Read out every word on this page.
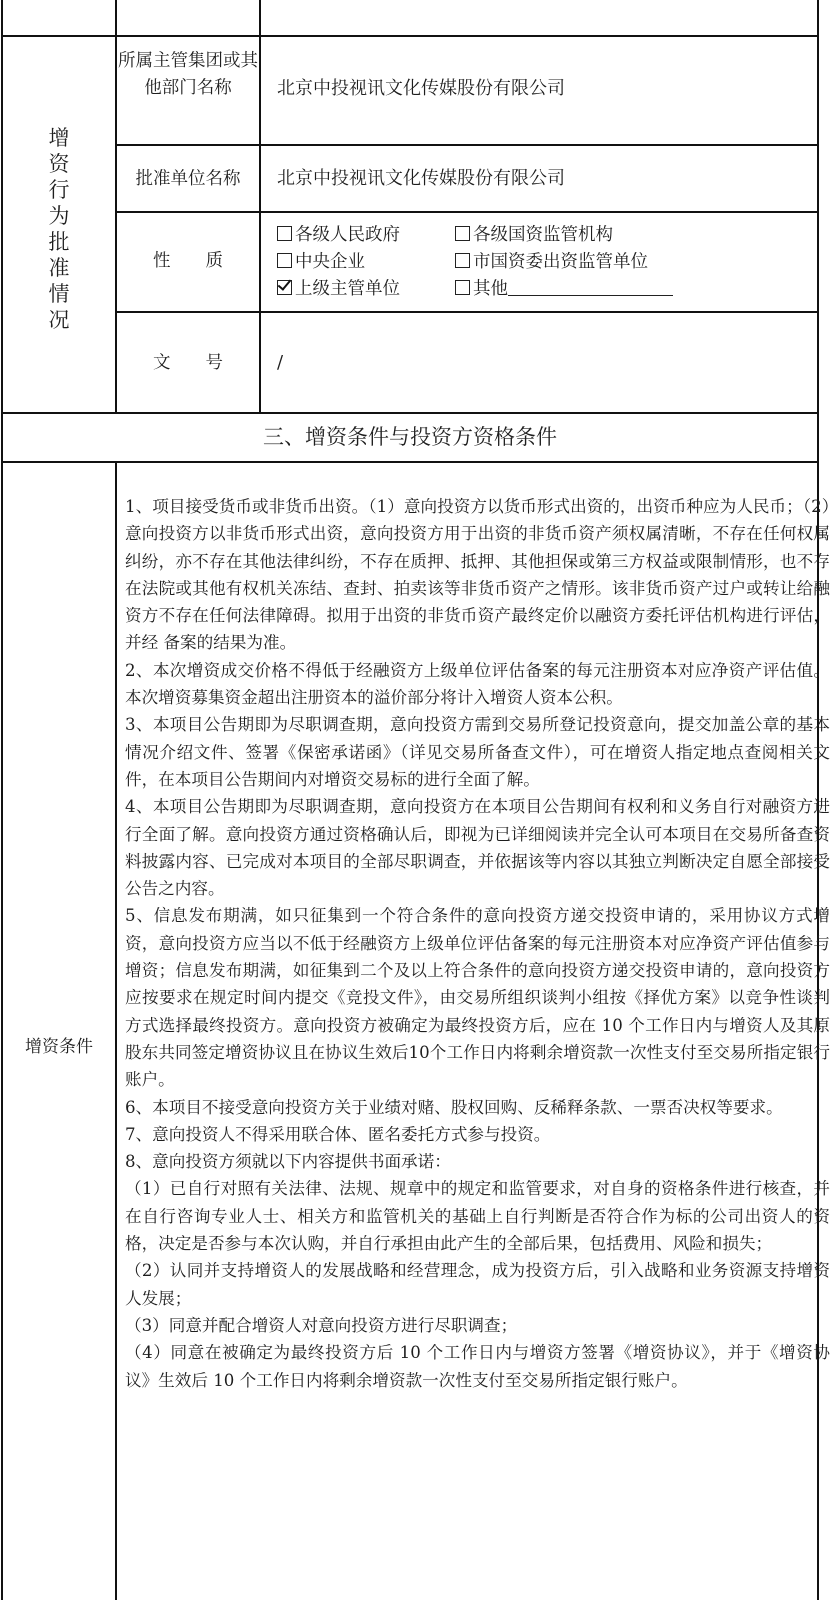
增
资
行
为
批
准
情
况
所属主管集团或其他部门名称	北京中投视讯文化传媒股份有限公司
批准单位名称	北京中投视讯文化传媒股份有限公司
性　　质
各级人民政府	各级国资监管机构
中央企业	市国资委出资监管单位
上级主管单位	其他
文　　号	/
三、增资条件与投资方资格条件
增资条件

1、项目接受货币或非货币出资。（1）意向投资方以货币形式出资的，出资币种应为人民币；（2）意向投资方以非货币形式出资，意向投资方用于出资的非货币资产须权属清晰，不存在任何权属纠纷，亦不存在其他法律纠纷，不存在质押、抵押、其他担保或第三方权益或限制情形，也不存在法院或其他有权机关冻结、查封、拍卖该等非货币资产之情形。该非货币资产过户或转让给融资方不存在任何法律障碍。拟用于出资的非货币资产最终定价以融资方委托评估机构进行评估，并经 备案的结果为准。

2、本次增资成交价格不得低于经融资方上级单位评估备案的每元注册资本对应净资产评估值。本次增资募集资金超出注册资本的溢价部分将计入增资人资本公积。

3、本项目公告期即为尽职调查期，意向投资方需到交易所登记投资意向，提交加盖公章的基本情况介绍文件、签署《保密承诺函》（详见交易所备查文件），可在增资人指定地点查阅相关文件，在本项目公告期间内对增资交易标的进行全面了解。

4、本项目公告期即为尽职调查期，意向投资方在本项目公告期间有权利和义务自行对融资方进行全面了解。意向投资方通过资格确认后，即视为已详细阅读并完全认可本项目在交易所备查资料披露内容、已完成对本项目的全部尽职调查，并依据该等内容以其独立判断决定自愿全部接受公告之内容。

5、信息发布期满，如只征集到一个符合条件的意向投资方递交投资申请的，采用协议方式增资，意向投资方应当以不低于经融资方上级单位评估备案的每元注册资本对应净资产评估值参与增资；信息发布期满，如征集到二个及以上符合条件的意向投资方递交投资申请的，意向投资方应按要求在规定时间内提交《竞投文件》，由交易所组织谈判小组按《择优方案》以竞争性谈判方式选择最终投资方。意向投资方被确定为最终投资方后，应在 10 个工作日内与增资人及其原股东共同签定增资协议且在协议生效后10个工作日内将剩余增资款一次性支付至交易所指定银行账户。

6、本项目不接受意向投资方关于业绩对赌、股权回购、反稀释条款、一票否决权等要求。

7、意向投资人不得采用联合体、匿名委托方式参与投资。

8、意向投资方须就以下内容提供书面承诺：

（1）已自行对照有关法律、法规、规章中的规定和监管要求，对自身的资格条件进行核查，并在自行咨询专业人士、相关方和监管机关的基础上自行判断是否符合作为标的公司出资人的资格，决定是否参与本次认购，并自行承担由此产生的全部后果，包括费用、风险和损失；

（2）认同并支持增资人的发展战略和经营理念，成为投资方后，引入战略和业务资源支持增资人发展；

（3）同意并配合增资人对意向投资方进行尽职调查；

（4）同意在被确定为最终投资方后 10 个工作日内与增资方签署《增资协议》，并于《增资协议》生效后 10 个工作日内将剩余增资款一次性支付至交易所指定银行账户。
